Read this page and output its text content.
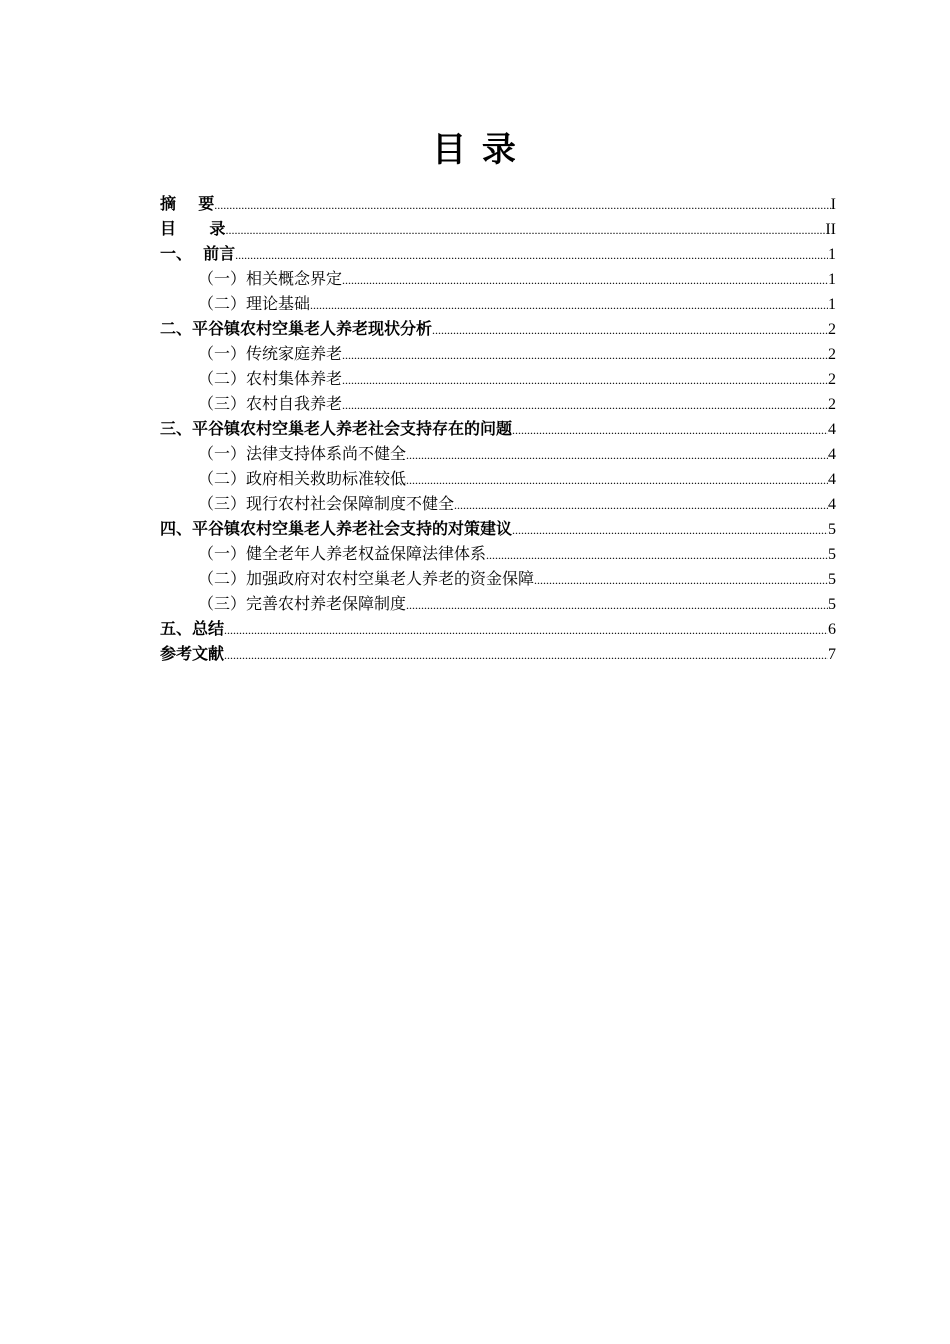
目 录
摘    要 .....	I
目      录 .....	II
一、  前言 .....	1
（一）相关概念界定 .....	1
（二）理论基础 .....	1
二、平谷镇农村空巢老人养老现状分析 .....	2
（一）传统家庭养老 .....	2
（二）农村集体养老 .....	2
（三）农村自我养老 .....	2
三、平谷镇农村空巢老人养老社会支持存在的问题 .....	4
（一）法律支持体系尚不健全 .....	4
（二）政府相关救助标准较低 .....	4
（三）现行农村社会保障制度不健全 .....	4
四、平谷镇农村空巢老人养老社会支持的对策建议 .....	5
（一）健全老年人养老权益保障法律体系 .....	5
（二）加强政府对农村空巢老人养老的资金保障 .....	5
（三）完善农村养老保障制度 .....	5
五、总结 .....	6
参考文献 .....	7
